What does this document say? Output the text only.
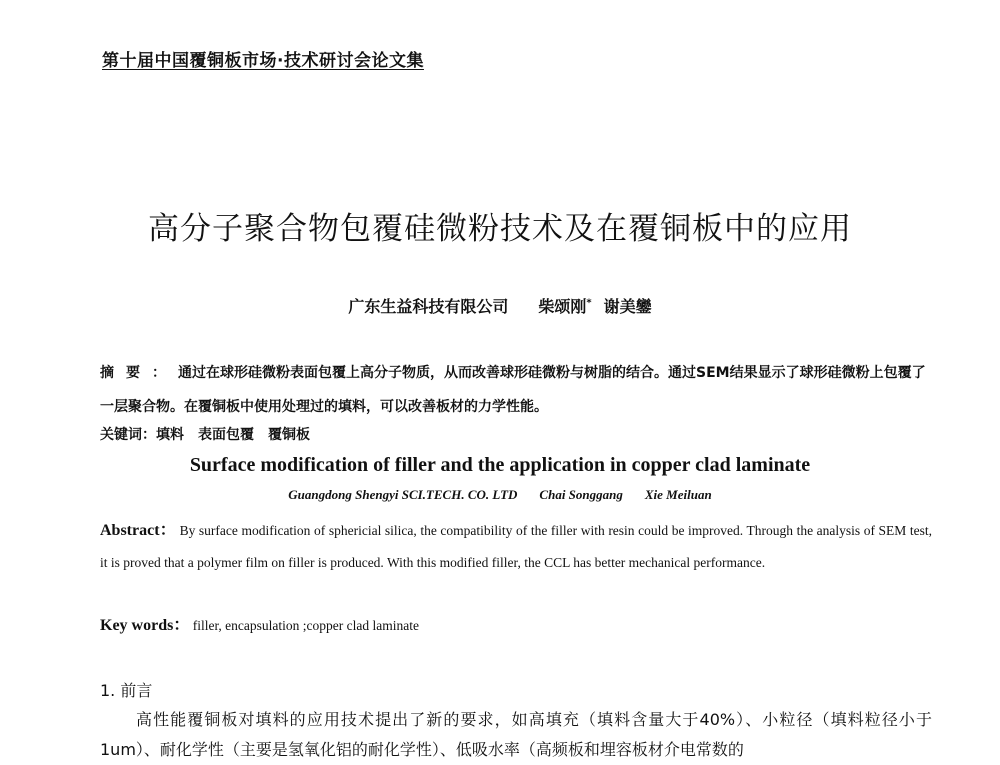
第十届中国覆铜板市场·技术研讨会论文集
高分子聚合物包覆硅微粉技术及在覆铜板中的应用
广东生益科技有限公司 柴颂刚* 谢美鑾
摘要：通过在球形硅微粉表面包覆上高分子物质，从而改善球形硅微粉与树脂的结合。通过SEM结果显示了球形硅微粉上包覆了一层聚合物。在覆铜板中使用处理过的填料，可以改善板材的力学性能。
关键词：填料 表面包覆 覆铜板
Surface modification of filler and the application in copper clad laminate
Guangdong Shengyi SCI.TECH. CO. LTD Chai Songgang Xie Meiluan
Abstract： By surface modification of sphericial silica, the compatibility of the filler with resin could be improved. Through the analysis of SEM test, it is proved that a polymer film on filler is produced. With this modified filler, the CCL has better mechanical performance.
Key words： filler, encapsulation ;copper clad laminate
1. 前言
高性能覆铜板对填料的应用技术提出了新的要求，如高填充（填料含量大于40%）、小粒径（填料粒径小于 1um）、耐化学性（主要是氢氧化铝的耐化学性）、低吸水率（高频板和埋容板材介电常数的
